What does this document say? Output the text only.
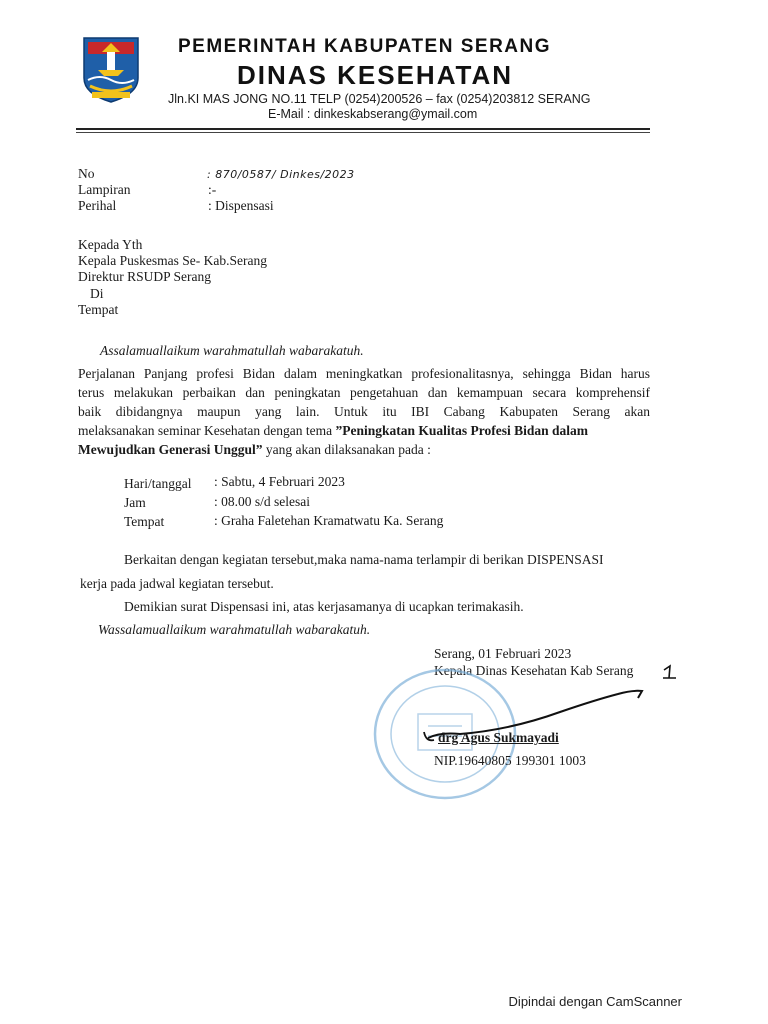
PEMERINTAH KABUPATEN SERANG
DINAS KESEHATAN
Jln.KI MAS JONG NO.11 TELP (0254)200526 – fax (0254)203812 SERANG
E-Mail : dinkeskabserang@ymail.com
No	: 870/0587/ Dinkes/2023
Lampiran	:-
Perihal	: Dispensasi
Kepada Yth
Kepala Puskesmas Se- Kab.Serang
Direktur RSUDP Serang
Di
Tempat
Assalamuallaikum warahmatullah wabarakatuh.
Perjalanan Panjang profesi Bidan dalam meningkatkan profesionalitasnya, sehingga Bidan harus
terus melakukan perbaikan dan peningkatan pengetahuan dan kemampuan secara komprehensif
baik dibidangnya maupun yang lain. Untuk itu IBI Cabang Kabupaten Serang akan
melaksanakan seminar Kesehatan dengan tema ”Peningkatan Kualitas Profesi Bidan dalam
Mewujudkan Generasi Unggul” yang akan dilaksanakan pada :
Hari/tanggal : Sabtu, 4 Februari 2023
Jam	: 08.00 s/d selesai
Tempat	: Graha Faletehan Kramatwatu Ka. Serang
Berkaitan dengan kegiatan tersebut,maka nama-nama terlampir di berikan DISPENSASI
kerja pada jadwal kegiatan tersebut.
Demikian surat Dispensasi ini, atas kerjasamanya di ucapkan terimakasih.
Wassalamuallaikum warahmatullah wabarakatuh.
Serang, 01 Februari 2023
Kepala Dinas Kesehatan Kab Serang
drg Agus Sukmayadi
NIP.19640805 199301 1003
Dipindai dengan CamScanner
